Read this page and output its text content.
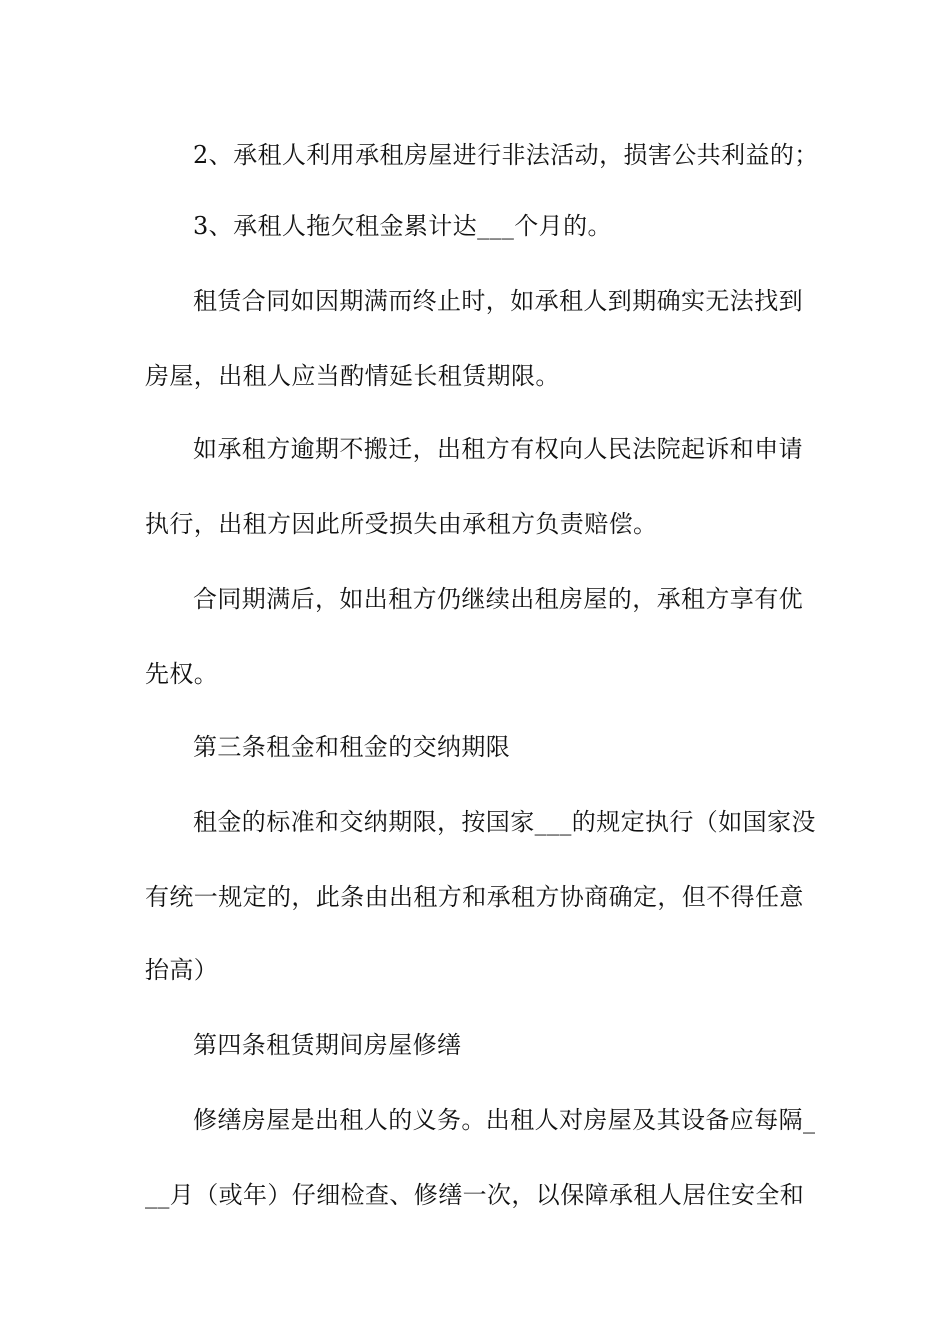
2、承租人利用承租房屋进行非法活动，损害公共利益的；
3、承租人拖欠租金累计达___个月的。
租赁合同如因期满而终止时，如承租人到期确实无法找到
房屋，出租人应当酌情延长租赁期限。
如承租方逾期不搬迁，出租方有权向人民法院起诉和申请
执行，出租方因此所受损失由承租方负责赔偿。
合同期满后，如出租方仍继续出租房屋的，承租方享有优
先权。
第三条租金和租金的交纳期限
租金的标准和交纳期限，按国家___的规定执行（如国家没
有统一规定的，此条由出租方和承租方协商确定，但不得任意
抬高）
第四条租赁期间房屋修缮
修缮房屋是出租人的义务。出租人对房屋及其设备应每隔_
__月（或年）仔细检查、修缮一次，以保障承租人居住安全和
